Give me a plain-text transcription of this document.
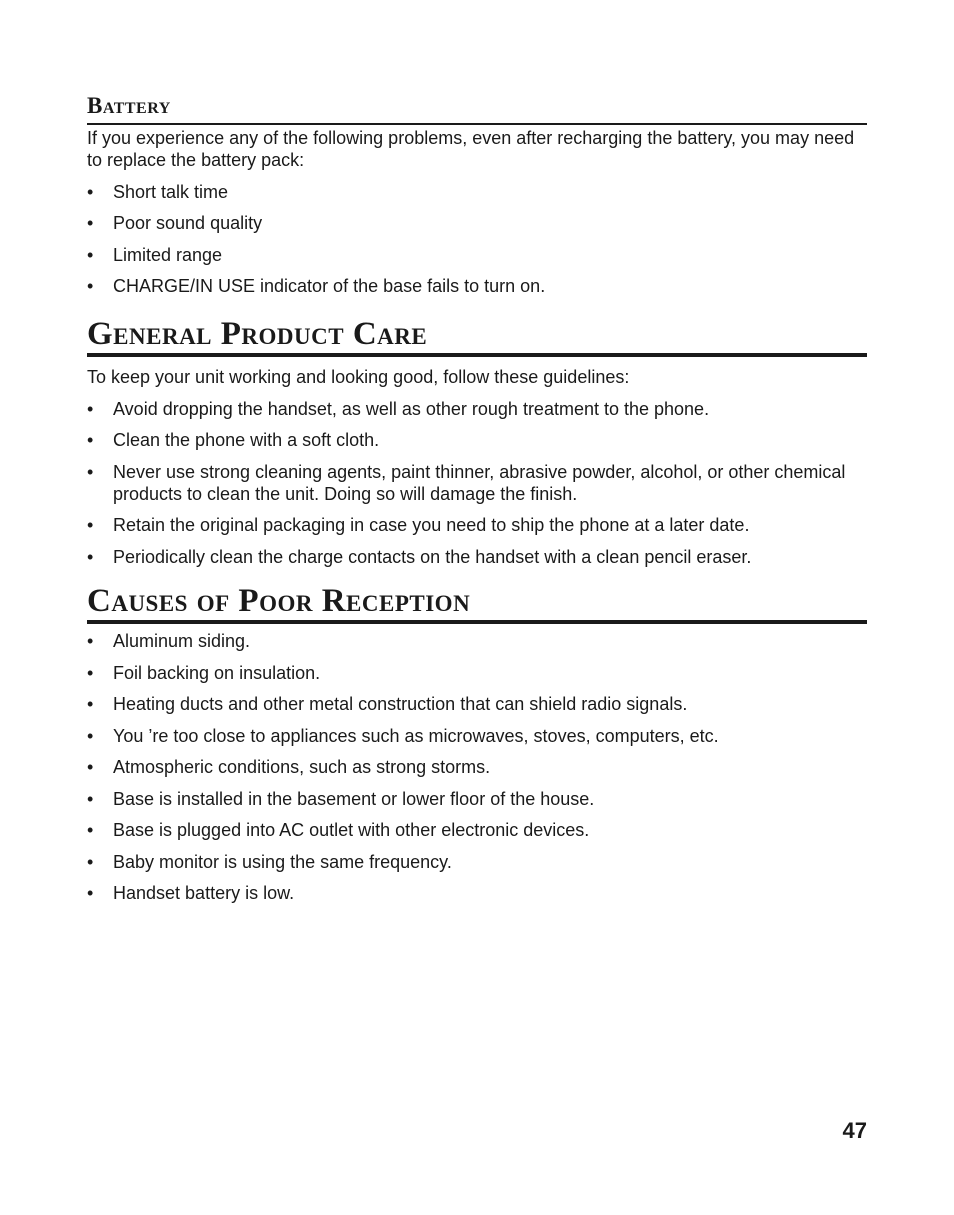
Battery

If you experience any of the following problems, even after recharging the battery, you may need to replace the battery pack:

• Short talk time
• Poor sound quality
• Limited range
• CHARGE/IN USE indicator of the base fails to turn on.
General Product Care

To keep your unit working and looking good, follow these guidelines:

• Avoid dropping the handset, as well as other rough treatment to the phone.
• Clean the phone with a soft cloth.
• Never use strong cleaning agents, paint thinner, abrasive powder, alcohol, or other chemical products to clean the unit. Doing so will damage the finish.
• Retain the original packaging in case you need to ship the phone at a later date.
• Periodically clean the charge contacts on the handset with a clean pencil eraser.
Causes of Poor Reception
• Aluminum siding.
• Foil backing on insulation.
• Heating ducts and other metal construction that can shield radio signals.
• You ’re too close to appliances such as microwaves, stoves, computers, etc.
• Atmospheric conditions, such as strong storms.
• Base is installed in the basement or lower floor of the house.
• Base is plugged into AC outlet with other electronic devices.
• Baby monitor is using the same frequency.
• Handset battery is low.
47
